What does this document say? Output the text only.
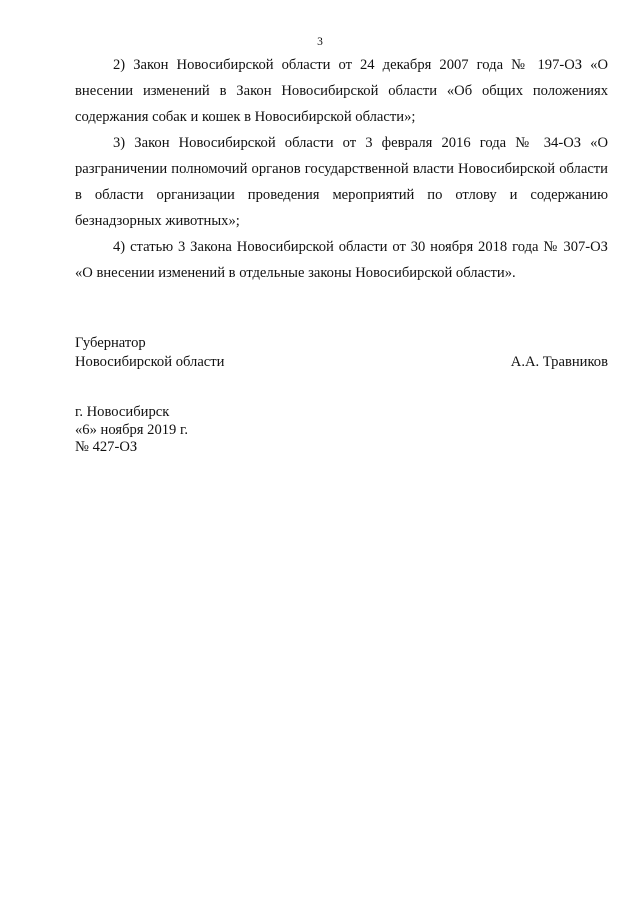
3

2) Закон Новосибирской области от 24 декабря 2007 года № 197-ОЗ «О внесении изменений в Закон Новосибирской области «Об общих положениях содержания собак и кошек в Новосибирской области»;

3) Закон Новосибирской области от 3 февраля 2016 года № 34-ОЗ «О разграничении полномочий органов государственной власти Новосибирской области в области организации проведения мероприятий по отлову и содержанию безнадзорных животных»;

4) статью 3 Закона Новосибирской области от 30 ноября 2018 года № 307-ОЗ «О внесении изменений в отдельные законы Новосибирской области».

Губернатор
Новосибирской области	А.А. Травников
г. Новосибирск
«6» ноября 2019 г.
№ 427-ОЗ
